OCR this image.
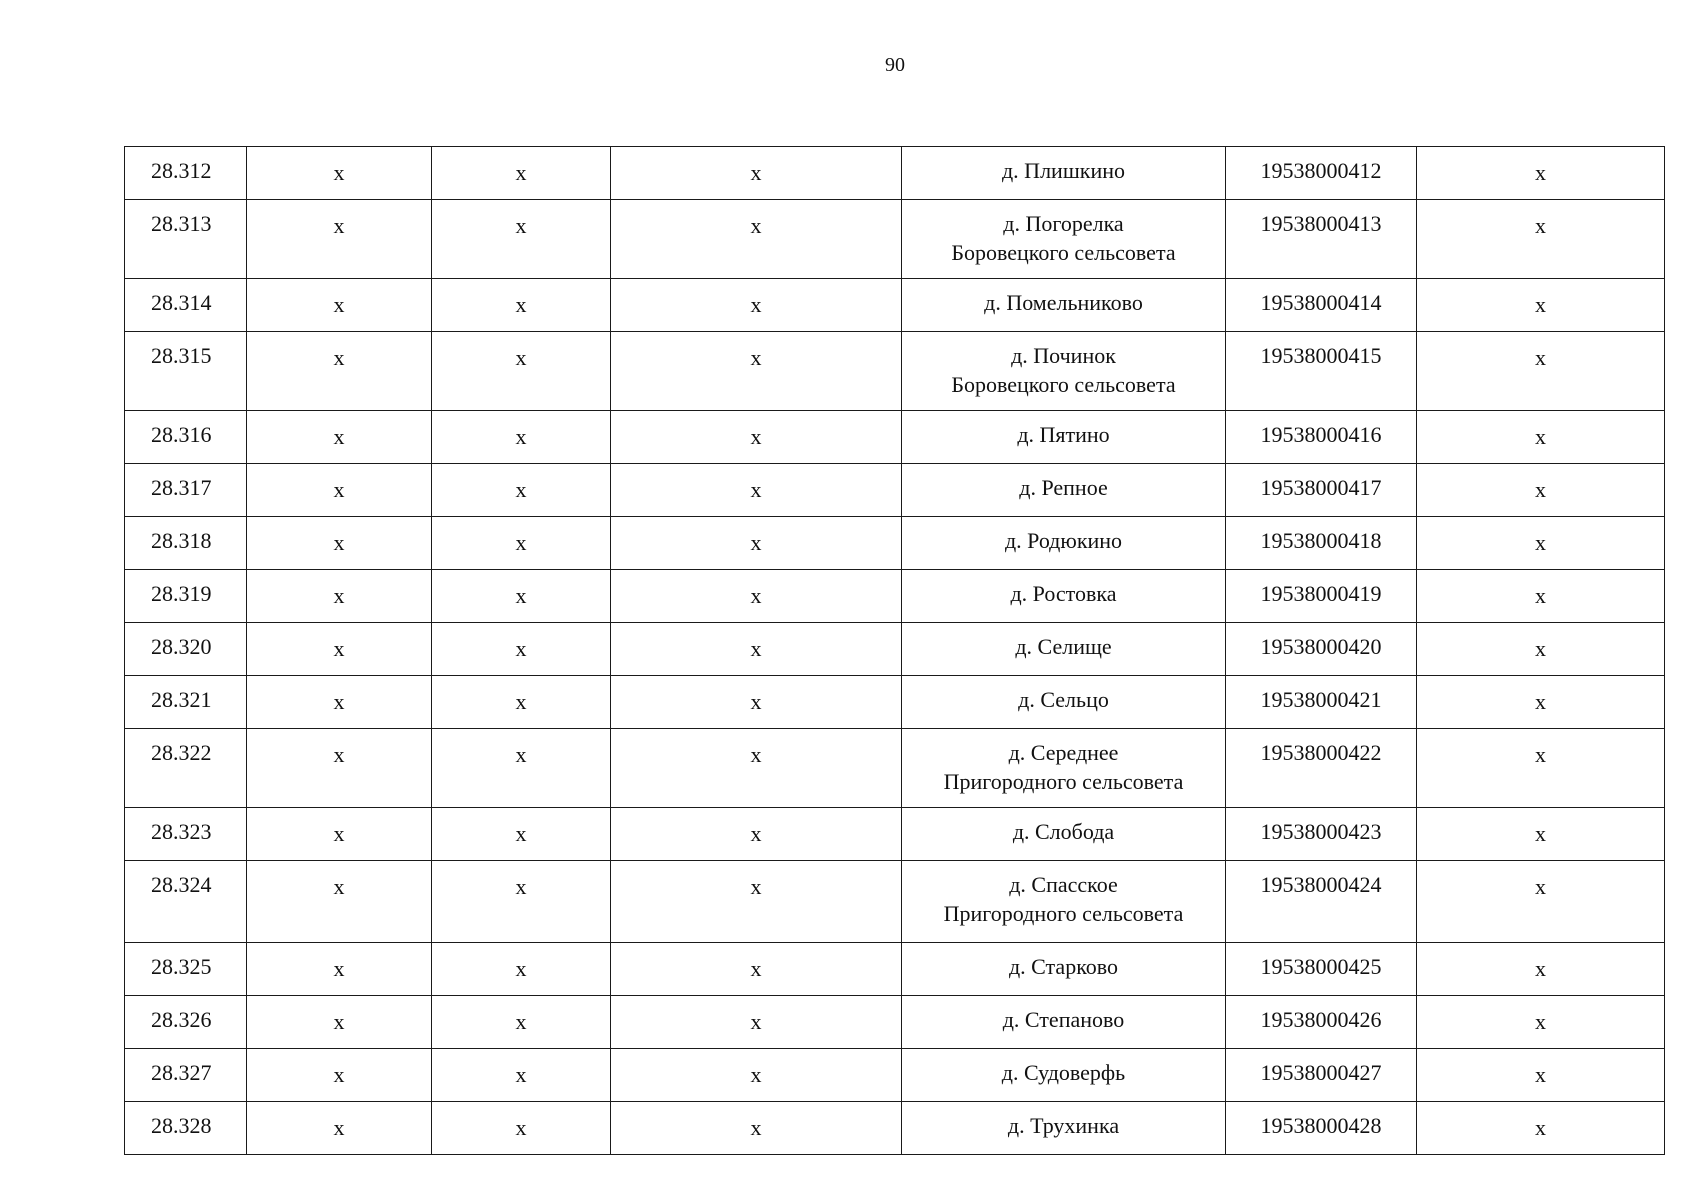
90
28.312	х	х	х	д. Плишкино	19538000412	х
28.313	х	х	х	д. Погорелка
Боровецкого сельсовета	19538000413	х
28.314	х	х	х	д. Помельниково	19538000414	х
28.315	х	х	х	д. Починок
Боровецкого сельсовета	19538000415	х
28.316	х	х	х	д. Пятино	19538000416	х
28.317	х	х	х	д. Репное	19538000417	х
28.318	х	х	х	д. Родюкино	19538000418	х
28.319	х	х	х	д. Ростовка	19538000419	х
28.320	х	х	х	д. Селище	19538000420	х
28.321	х	х	х	д. Сельцо	19538000421	х
28.322	х	х	х	д. Середнее
Пригородного сельсовета	19538000422	х
28.323	х	х	х	д. Слобода	19538000423	х
28.324	х	х	х	д. Спасское
Пригородного сельсовета	19538000424	х
28.325	х	х	х	д. Старково	19538000425	х
28.326	х	х	х	д. Степаново	19538000426	х
28.327	х	х	х	д. Судоверфь	19538000427	х
28.328	х	х	х	д. Трухинка	19538000428	х
